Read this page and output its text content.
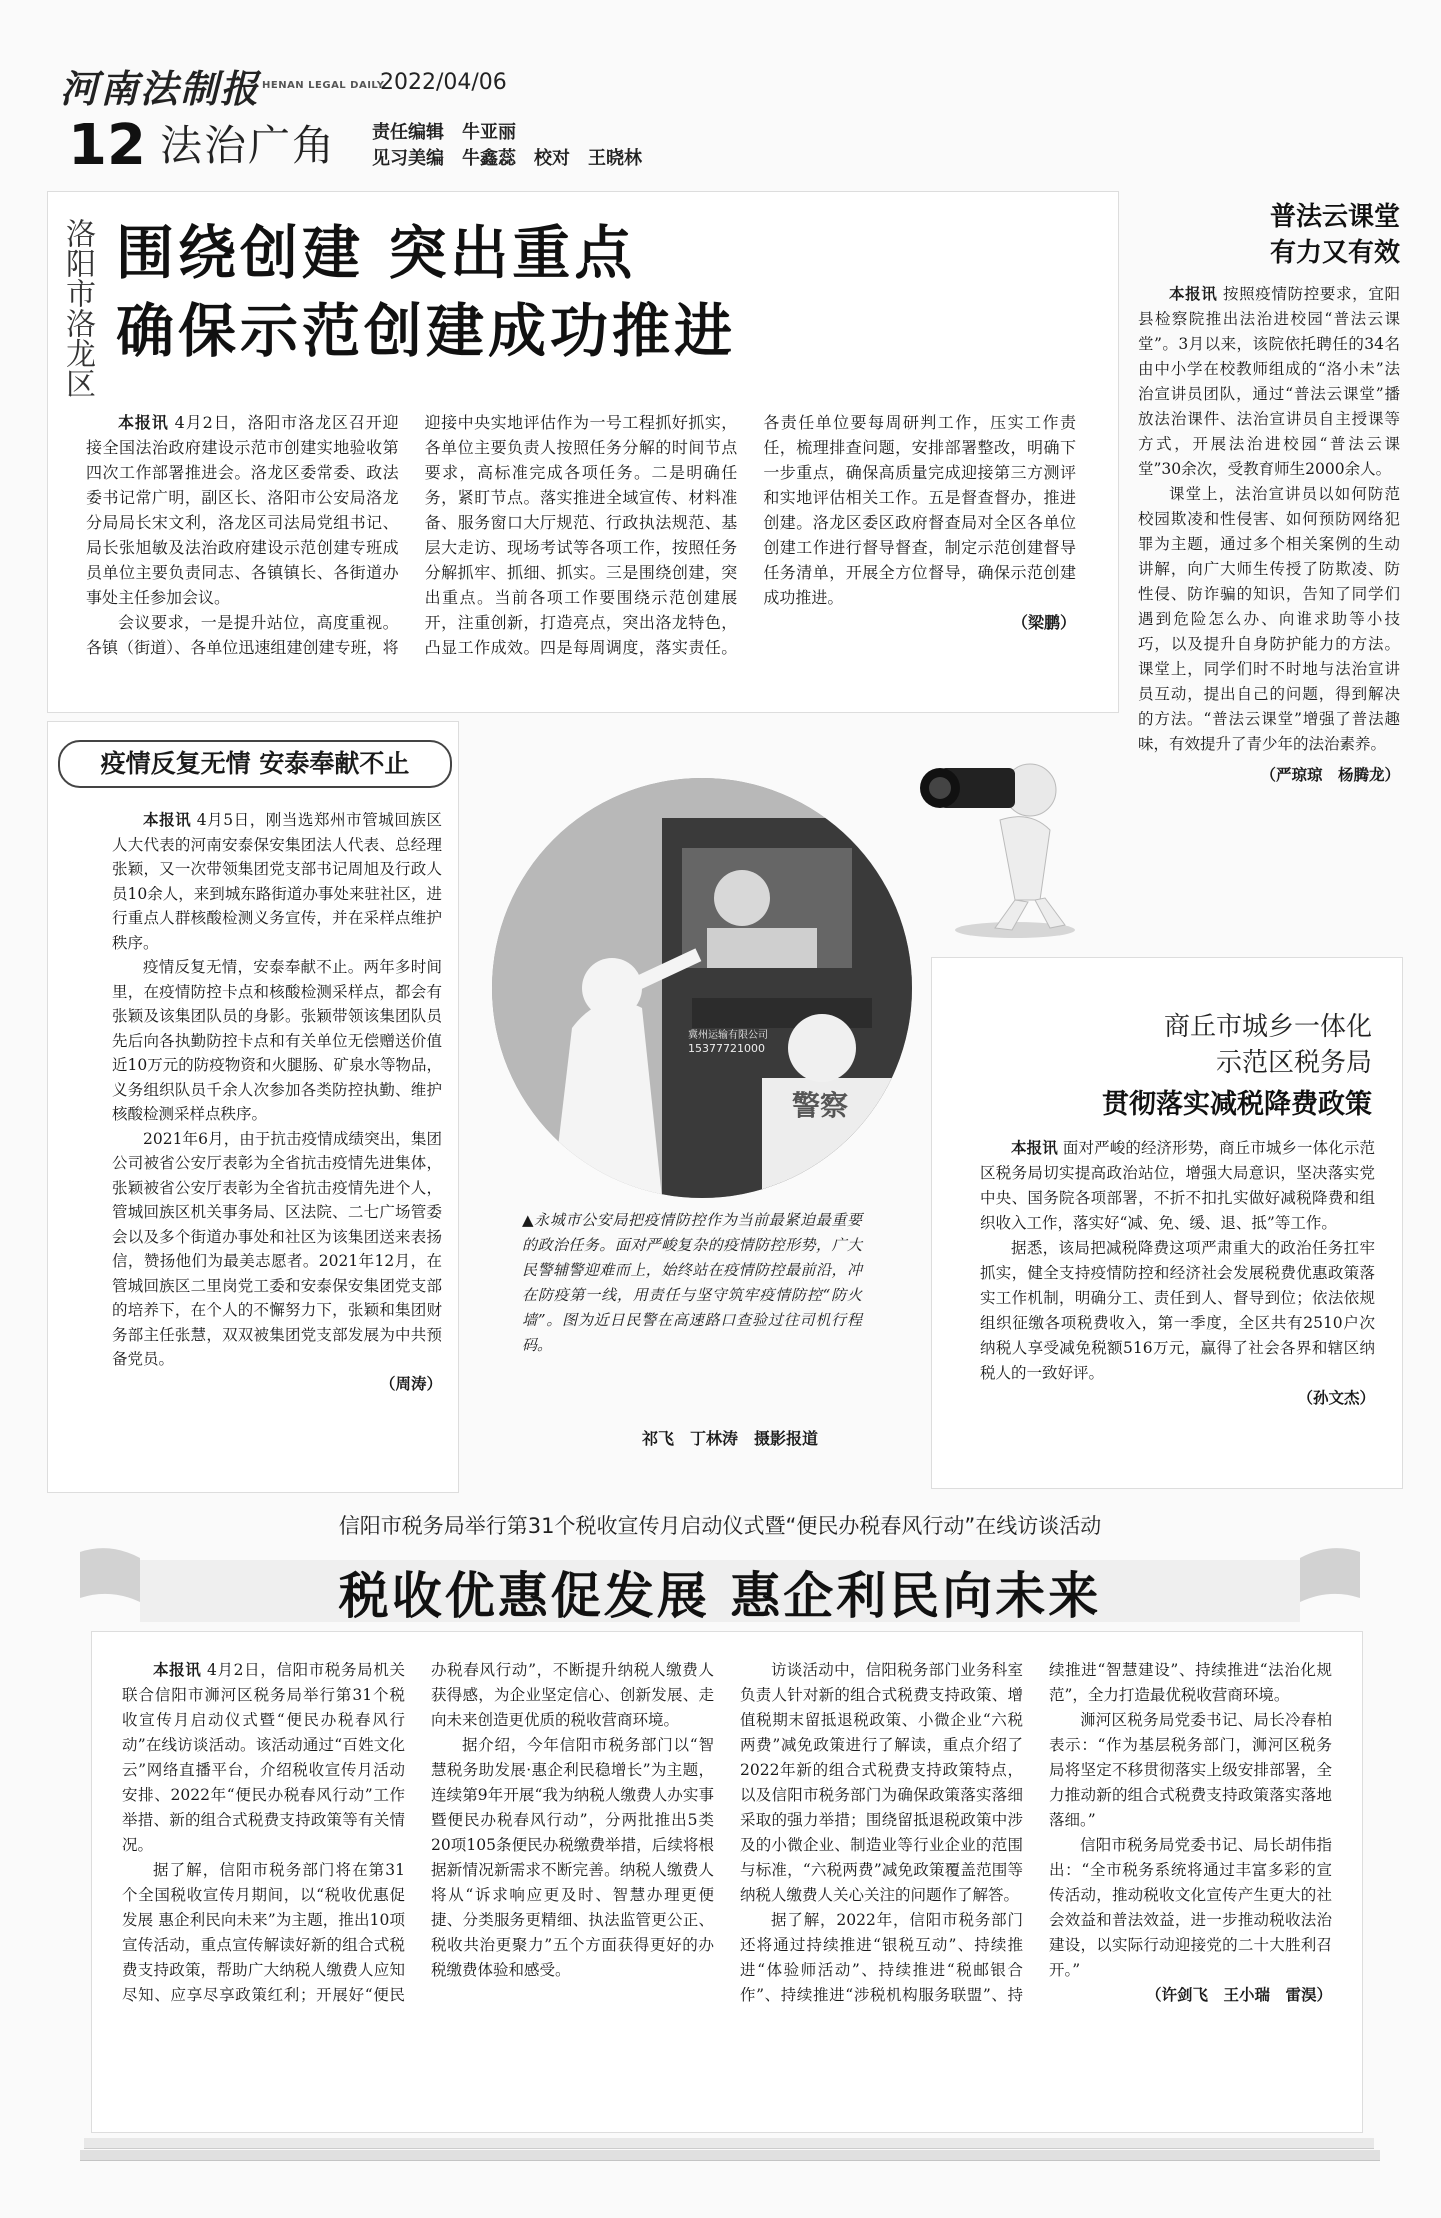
河南法制报 HENAN LEGAL DAILY
2022/04/06
12 法治广角 责任编辑　牛亚丽
见习美编　牛鑫蕊　校对　王晓林
洛阳市洛龙区 围绕创建 突出重点
确保示范创建成功推进

本报讯 4月2日，洛阳市洛龙区召开迎接全国法治政府建设示范市创建实地验收第四次工作部署推进会。洛龙区委常委、政法委书记常广明，副区长、洛阳市公安局洛龙分局局长宋文利，洛龙区司法局党组书记、局长张旭敏及法治政府建设示范创建专班成员单位主要负责同志、各镇镇长、各街道办事处主任参加会议。

会议要求，一是提升站位，高度重视。各镇（街道）、各单位迅速组建创建专班，将迎接中央实地评估作为一号工程抓好抓实，各单位主要负责人按照任务分解的时间节点要求，高标准完成各项任务。二是明确任务，紧盯节点。落实推进全域宣传、材料准备、服务窗口大厅规范、行政执法规范、基层大走访、现场考试等各项工作，按照任务分解抓牢、抓细、抓实。三是围绕创建，突出重点。当前各项工作要围绕示范创建展开，注重创新，打造亮点，突出洛龙特色，凸显工作成效。四是每周调度，落实责任。各责任单位要每周研判工作，压实工作责任，梳理排查问题，安排部署整改，明确下一步重点，确保高质量完成迎接第三方测评和实地评估相关工作。五是督查督办，推进创建。洛龙区委区政府督查局对全区各单位创建工作进行督导督查，制定示范创建督导任务清单，开展全方位督导，确保示范创建成功推进。

（梁鹏）
普法云课堂
有力又有效

本报讯 按照疫情防控要求，宜阳县检察院推出法治进校园“普法云课堂”。3月以来，该院依托聘任的34名由中小学在校教师组成的“洛小未”法治宣讲员团队，通过“普法云课堂”播放法治课件、法治宣讲员自主授课等方式，开展法治进校园“普法云课堂”30余次，受教育师生2000余人。

课堂上，法治宣讲员以如何防范校园欺凌和性侵害、如何预防网络犯罪为主题，通过多个相关案例的生动讲解，向广大师生传授了防欺凌、防性侵、防诈骗的知识，告知了同学们遇到危险怎么办、向谁求助等小技巧，以及提升自身防护能力的方法。课堂上，同学们时不时地与法治宣讲员互动，提出自己的问题，得到解决的方法。“普法云课堂”增强了普法趣味，有效提升了青少年的法治素养。

（严琼琼　杨腾龙）
疫情反复无情 安泰奉献不止

本报讯 4月5日，刚当选郑州市管城回族区人大代表的河南安泰保安集团法人代表、总经理张颖，又一次带领集团党支部书记周旭及行政人员10余人，来到城东路街道办事处来驻社区，进行重点人群核酸检测义务宣传，并在采样点维护秩序。

疫情反复无情，安泰奉献不止。两年多时间里，在疫情防控卡点和核酸检测采样点，都会有张颖及该集团队员的身影。张颖带领该集团队员先后向各执勤防控卡点和有关单位无偿赠送价值近10万元的防疫物资和火腿肠、矿泉水等物品，义务组织队员千余人次参加各类防控执勤、维护核酸检测采样点秩序。

2021年6月，由于抗击疫情成绩突出，集团公司被省公安厅表彰为全省抗击疫情先进集体，张颖被省公安厅表彰为全省抗击疫情先进个人，管城回族区机关事务局、区法院、二七广场管委会以及多个街道办事处和社区为该集团送来表扬信，赞扬他们为最美志愿者。2021年12月，在管城回族区二里岗党工委和安泰保安集团党支部的培养下，在个人的不懈努力下，张颖和集团财务部主任张慧，双双被集团党支部发展为中共预备党员。

（周涛）
冀州运输有限公司
15377721000
警察
▲永城市公安局把疫情防控作为当前最紧迫最重要的政治任务。面对严峻复杂的疫情防控形势，广大民警辅警迎难而上，始终站在疫情防控最前沿，冲在防疫第一线，用责任与坚守筑牢疫情防控“防火墙”。图为近日民警在高速路口查验过往司机行程码。
祁飞　丁林涛　摄影报道
商丘市城乡一体化
示范区税务局
贯彻落实减税降费政策

本报讯 面对严峻的经济形势，商丘市城乡一体化示范区税务局切实提高政治站位，增强大局意识，坚决落实党中央、国务院各项部署，不折不扣扎实做好减税降费和组织收入工作，落实好“减、免、缓、退、抵”等工作。

据悉，该局把减税降费这项严肃重大的政治任务扛牢抓实，健全支持疫情防控和经济社会发展税费优惠政策落实工作机制，明确分工、责任到人、督导到位；依法依规组织征缴各项税费收入，第一季度，全区共有2510户次纳税人享受减免税额516万元，赢得了社会各界和辖区纳税人的一致好评。

（孙文杰）
信阳市税务局举行第31个税收宣传月启动仪式暨“便民办税春风行动”在线访谈活动
税收优惠促发展 惠企利民向未来

本报讯 4月2日，信阳市税务局机关联合信阳市浉河区税务局举行第31个税收宣传月启动仪式暨“便民办税春风行动”在线访谈活动。该活动通过“百姓文化云”网络直播平台，介绍税收宣传月活动安排、2022年“便民办税春风行动”工作举措、新的组合式税费支持政策等有关情况。

据了解，信阳市税务部门将在第31个全国税收宣传月期间，以“税收优惠促发展 惠企利民向未来”为主题，推出10项宣传活动，重点宣传解读好新的组合式税费支持政策，帮助广大纳税人缴费人应知尽知、应享尽享政策红利；开展好“便民办税春风行动”，不断提升纳税人缴费人获得感，为企业坚定信心、创新发展、走向未来创造更优质的税收营商环境。

据介绍，今年信阳市税务部门以“智慧税务助发展·惠企利民稳增长”为主题，连续第9年开展“我为纳税人缴费人办实事暨便民办税春风行动”，分两批推出5类20项105条便民办税缴费举措，后续将根据新情况新需求不断完善。纳税人缴费人将从“诉求响应更及时、智慧办理更便捷、分类服务更精细、执法监管更公正、税收共治更聚力”五个方面获得更好的办税缴费体验和感受。

访谈活动中，信阳税务部门业务科室负责人针对新的组合式税费支持政策、增值税期末留抵退税政策、小微企业“六税两费”减免政策进行了解读，重点介绍了2022年新的组合式税费支持政策特点，以及信阳市税务部门为确保政策落实落细采取的强力举措；围绕留抵退税政策中涉及的小微企业、制造业等行业企业的范围与标准，“六税两费”减免政策覆盖范围等纳税人缴费人关心关注的问题作了解答。

据了解，2022年，信阳市税务部门还将通过持续推进“银税互动”、持续推进“体验师活动”、持续推进“税邮银合作”、持续推进“涉税机构服务联盟”、持续推进“智慧建设”、持续推进“法治化规范”，全力打造最优税收营商环境。

浉河区税务局党委书记、局长冷春柏表示：“作为基层税务部门，浉河区税务局将坚定不移贯彻落实上级安排部署，全力推动新的组合式税费支持政策落实落地落细。”

信阳市税务局党委书记、局长胡伟指出：“全市税务系统将通过丰富多彩的宣传活动，推动税收文化宣传产生更大的社会效益和普法效益，进一步推动税收法治建设，以实际行动迎接党的二十大胜利召开。”

（许剑飞　王小瑞　雷淏）
